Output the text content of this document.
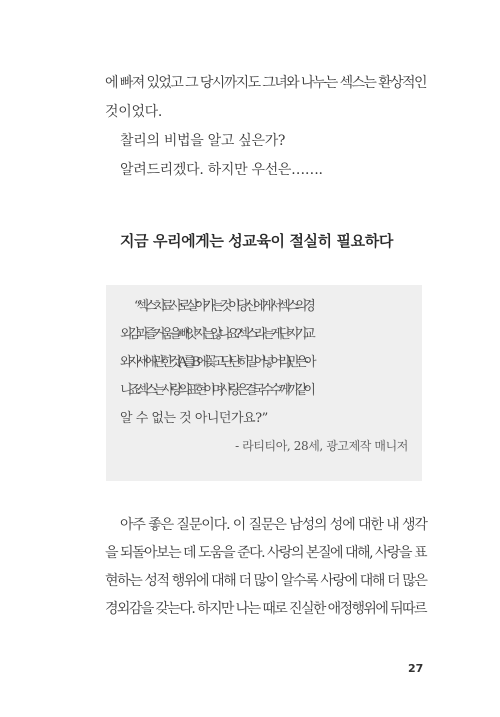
에 빠져 있었고 그 당시까지도 그녀와 나누는 섹스는 환상적인
것이었다.
찰리의 비법을 알고 싶은가?
알려드리겠다. 하지만 우선은…….
지금 우리에게는 성교육이 절실히 필요하다
“섹스 치료사로 살아가는 것이 당신에게서 섹스의 경
외감과 즐거움을 빼앗지는 않나요? 섹스라는 게 단지 기교
와 자세에 관한 것(A를 B에 꽂고 단단히 밀어넣어라)만은 아
니죠. 섹스는 사랑의 표현이며, 사랑은 결국 수수께끼같이
알 수 없는 것 아니던가요?”
- 라티티아, 28세, 광고제작 매니저
아주 좋은 질문이다. 이 질문은 남성의 성에 대한 내 생각
을 되돌아보는 데 도움을 준다. 사랑의 본질에 대해, 사랑을 표
현하는 성적 행위에 대해 더 많이 알수록 사랑에 대해 더 많은
경외감을 갖는다. 하지만 나는 때로 진실한 애정행위에 뒤따르
27
